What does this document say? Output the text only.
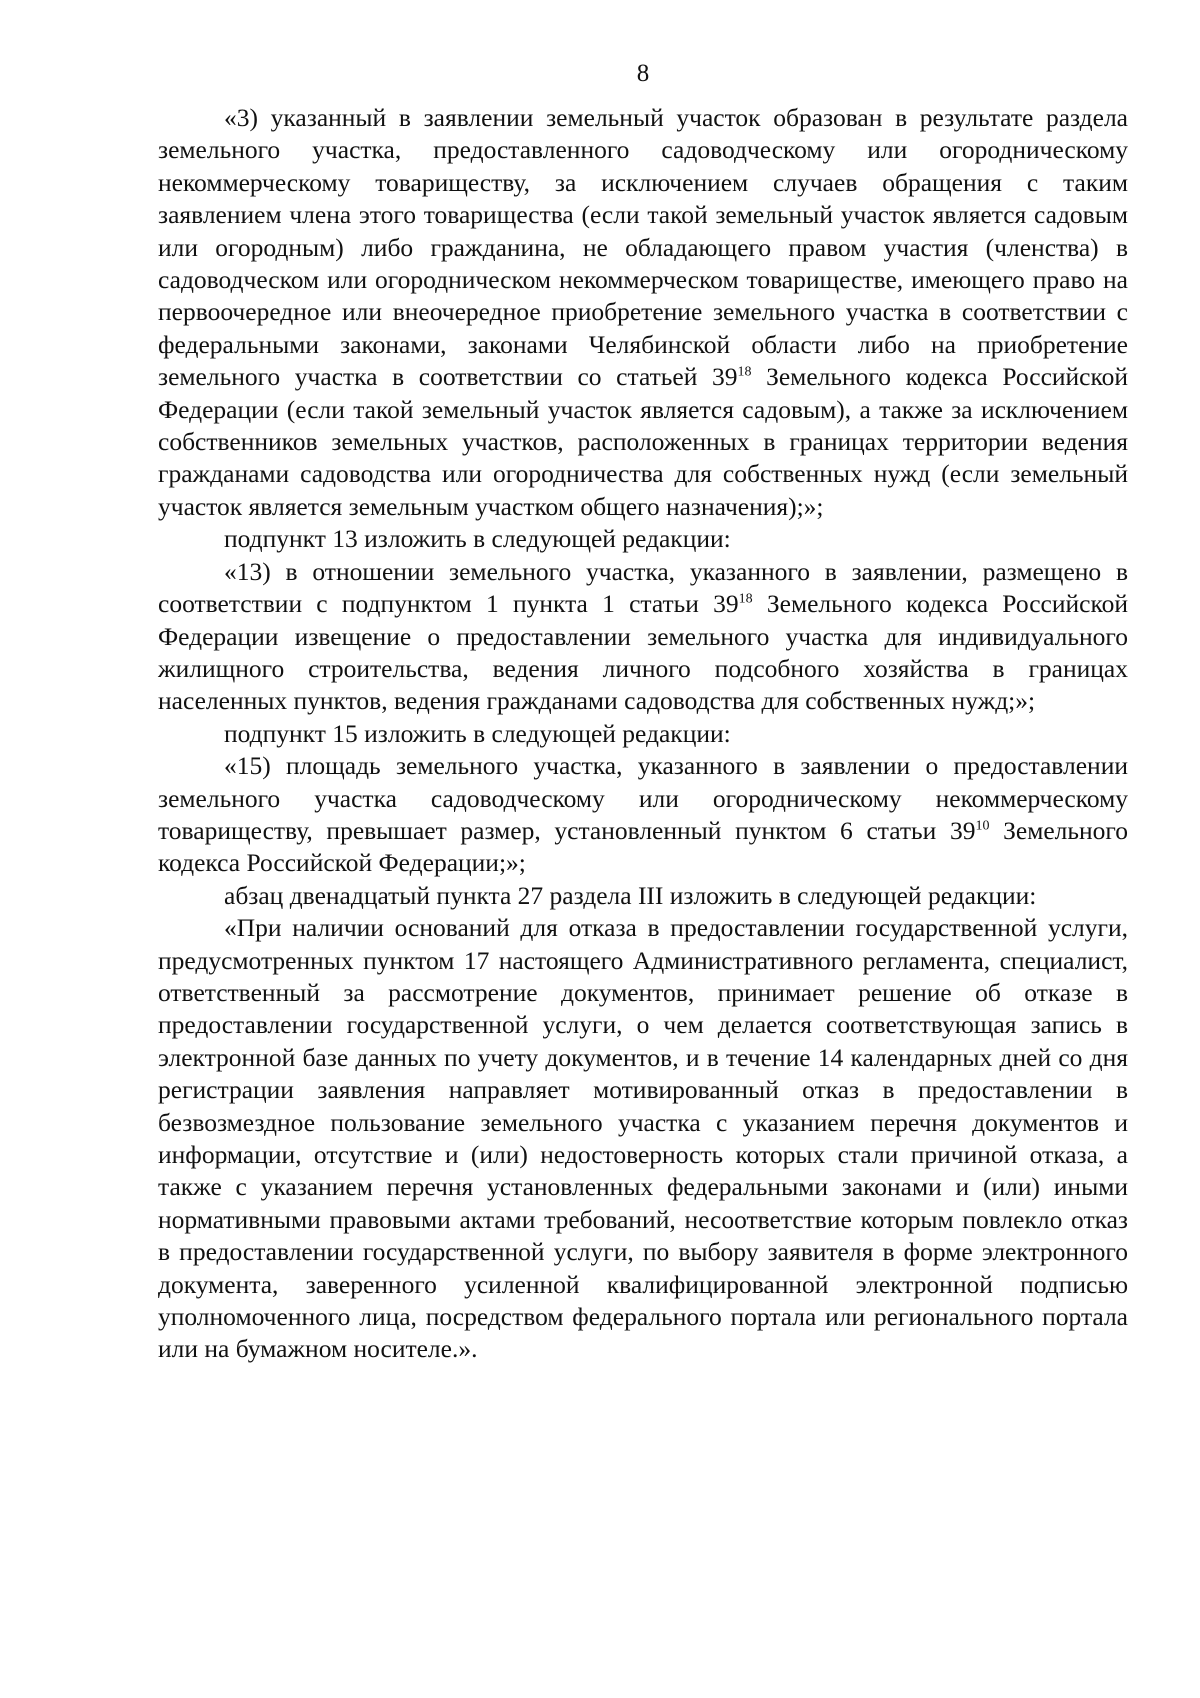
8

«3) указанный в заявлении земельный участок образован в результате раздела земельного участка, предоставленного садоводческому или огородническому некоммерческому товариществу, за исключением случаев обращения с таким заявлением члена этого товарищества (если такой земельный участок является садовым или огородным) либо гражданина, не обладающего правом участия (членства) в садоводческом или огородническом некоммерческом товариществе, имеющего право на первоочередное или внеочередное приобретение земельного участка в соответствии с федеральными законами, законами Челябинской области либо на приобретение земельного участка в соответствии со статьей $39^{18}$ Земельного кодекса Российской Федерации (если такой земельный участок является садовым), а также за исключением собственников земельных участков, расположенных в границах территории ведения гражданами садоводства или огородничества для собственных нужд (если земельный участок является земельным участком общего назначения);»;

подпункт 13 изложить в следующей редакции:

«13) в отношении земельного участка, указанного в заявлении, размещено в соответствии с подпунктом 1 пункта 1 статьи $39^{18}$ Земельного кодекса Российской Федерации извещение о предоставлении земельного участка для индивидуального жилищного строительства, ведения личного подсобного хозяйства в границах населенных пунктов, ведения гражданами садоводства для собственных нужд;»;

подпункт 15 изложить в следующей редакции:

«15) площадь земельного участка, указанного в заявлении о предоставлении земельного участка садоводческому или огородническому некоммерческому товариществу, превышает размер, установленный пунктом 6 статьи $39^{10}$ Земельного кодекса Российской Федерации;»;

абзац двенадцатый пункта 27 раздела III изложить в следующей редакции:

«При наличии оснований для отказа в предоставлении государственной услуги, предусмотренных пунктом 17 настоящего Административного регламента, специалист, ответственный за рассмотрение документов, принимает решение об отказе в предоставлении государственной услуги, о чем делается соответствующая запись в электронной базе данных по учету документов, и в течение 14 календарных дней со дня регистрации заявления направляет мотивированный отказ в предоставлении в безвозмездное пользование земельного участка с указанием перечня документов и информации, отсутствие и (или) недостоверность которых стали причиной отказа, а также с указанием перечня установленных федеральными законами и (или) иными нормативными правовыми актами требований, несоответствие которым повлекло отказ в предоставлении государственной услуги, по выбору заявителя в форме электронного документа, заверенного усиленной квалифицированной электронной подписью уполномоченного лица, посредством федерального портала или регионального портала или на бумажном носителе.».
